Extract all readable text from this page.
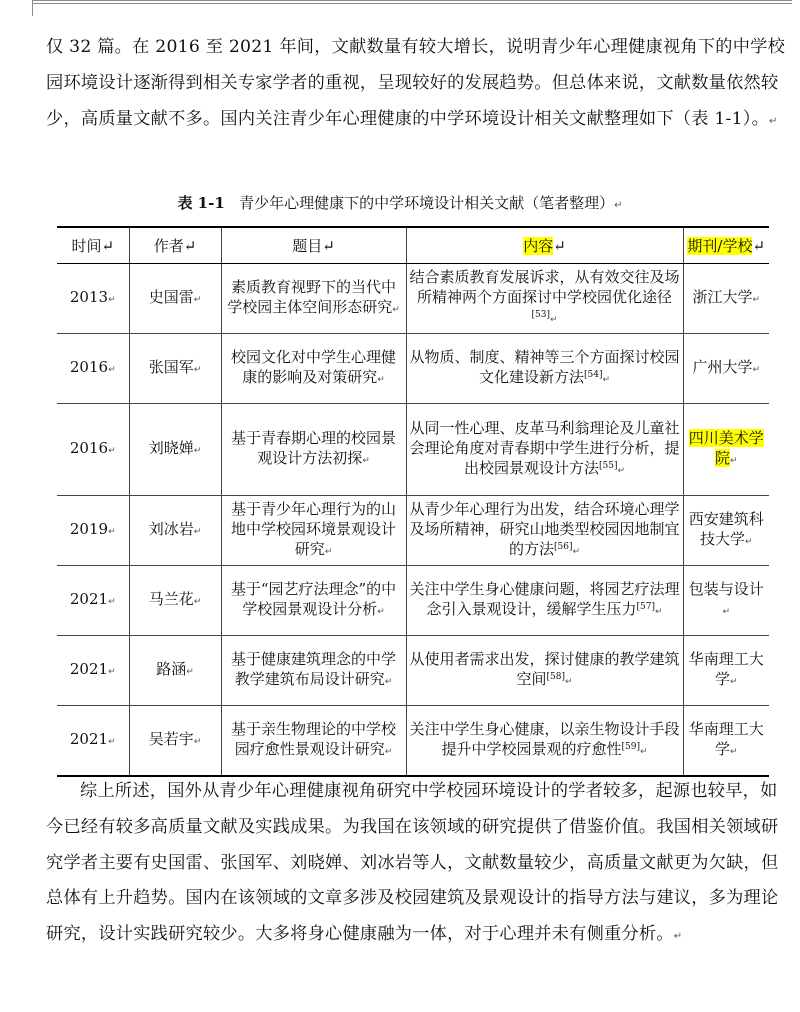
仅 32 篇。在 2016 至 2021 年间，文献数量有较大增长，说明青少年心理健康视角下的中学校园环境设计逐渐得到相关专家学者的重视，呈现较好的发展趋势。但总体来说，文献数量依然较少，高质量文献不多。国内关注青少年心理健康的中学环境设计相关文献整理如下（表 1-1）。↵

表 1-1 青少年心理健康下的中学环境设计相关文献（笔者整理）↵
时间↵	作者↵	题目↵	内容↵	期刊/学校↵
2013↵	史国雷↵	素质教育视野下的当代中学校园主体空间形态研究↵	结合素质教育发展诉求，从有效交往及场所精神两个方面探讨中学校园优化途径[53]↵	浙江大学↵
2016↵	张国军↵	校园文化对中学生心理健康的影响及对策研究↵	从物质、制度、精神等三个方面探讨校园文化建设新方法[54]↵	广州大学↵
2016↵	刘晓婵↵	基于青春期心理的校园景观设计方法初探↵	从同一性心理、皮革马利翁理论及儿童社会理论角度对青春期中学生进行分析，提出校园景观设计方法[55]↵	四川美术学院↵
2019↵	刘冰岩↵	基于青少年心理行为的山地中学校园环境景观设计研究↵	从青少年心理行为出发，结合环境心理学及场所精神，研究山地类型校园因地制宜的方法[56]↵	西安建筑科技大学↵
2021↵	马兰花↵	基于“园艺疗法理念”的中学校园景观设计分析↵	关注中学生身心健康问题，将园艺疗法理念引入景观设计，缓解学生压力[57]↵	包装与设计↵
2021↵	路涵↵	基于健康建筑理念的中学教学建筑布局设计研究↵	从使用者需求出发，探讨健康的教学建筑空间[58]↵	华南理工大学↵
2021↵	吴若宇↵	基于亲生物理论的中学校园疗愈性景观设计研究↵	关注中学生身心健康，以亲生物设计手段提升中学校园景观的疗愈性[59]↵	华南理工大学↵

综上所述，国外从青少年心理健康视角研究中学校园环境设计的学者较多，起源也较早，如今已经有较多高质量文献及实践成果。为我国在该领域的研究提供了借鉴价值。我国相关领域研究学者主要有史国雷、张国军、刘晓婵、刘冰岩等人，文献数量较少，高质量文献更为欠缺，但总体有上升趋势。国内在该领域的文章多涉及校园建筑及景观设计的指导方法与建议，多为理论研究，设计实践研究较少。大多将身心健康融为一体，对于心理并未有侧重分析。↵
